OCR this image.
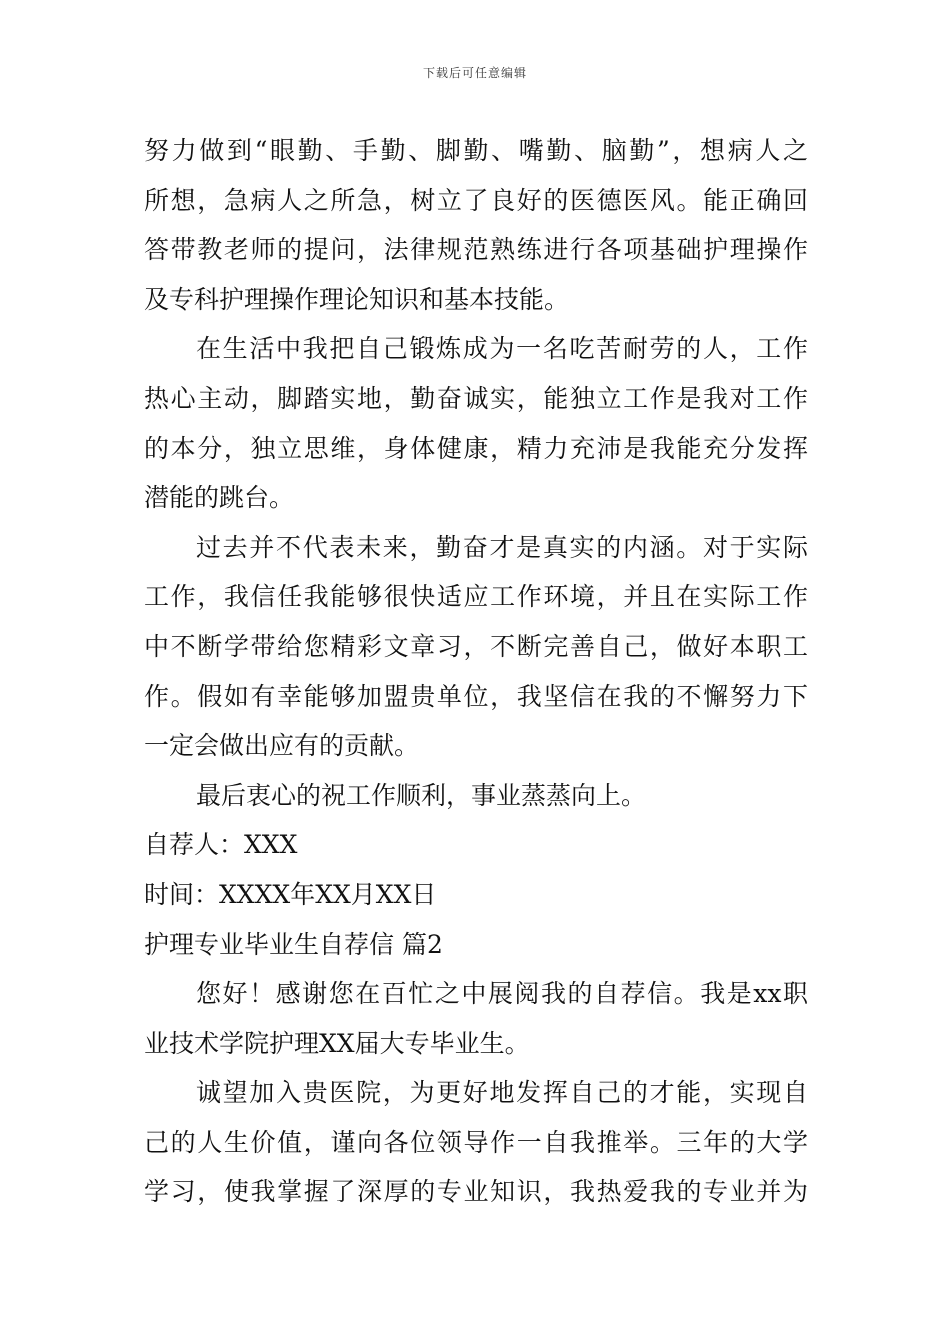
下载后可任意编辑
努力做到“眼勤、手勤、脚勤、嘴勤、脑勤”，想病人之
所想，急病人之所急，树立了良好的医德医风。能正确回
答带教老师的提问，法律规范熟练进行各项基础护理操作
及专科护理操作理论知识和基本技能。
在生活中我把自己锻炼成为一名吃苦耐劳的人，工作
热心主动，脚踏实地，勤奋诚实，能独立工作是我对工作
的本分，独立思维，身体健康，精力充沛是我能充分发挥
潜能的跳台。
过去并不代表未来，勤奋才是真实的内涵。对于实际
工作，我信任我能够很快适应工作环境，并且在实际工作
中不断学带给您精彩文章习，不断完善自己，做好本职工
作。假如有幸能够加盟贵单位，我坚信在我的不懈努力下
一定会做出应有的贡献。
最后衷心的祝工作顺利，事业蒸蒸向上。
自荐人：XXX
时间：XXXX年XX月XX日
护理专业毕业生自荐信 篇2
您好！感谢您在百忙之中展阅我的自荐信。我是xx职
业技术学院护理XX届大专毕业生。
诚望加入贵医院，为更好地发挥自己的才能，实现自
己的人生价值，谨向各位领导作一自我推举。三年的大学
学习，使我掌握了深厚的专业知识，我热爱我的专业并为
